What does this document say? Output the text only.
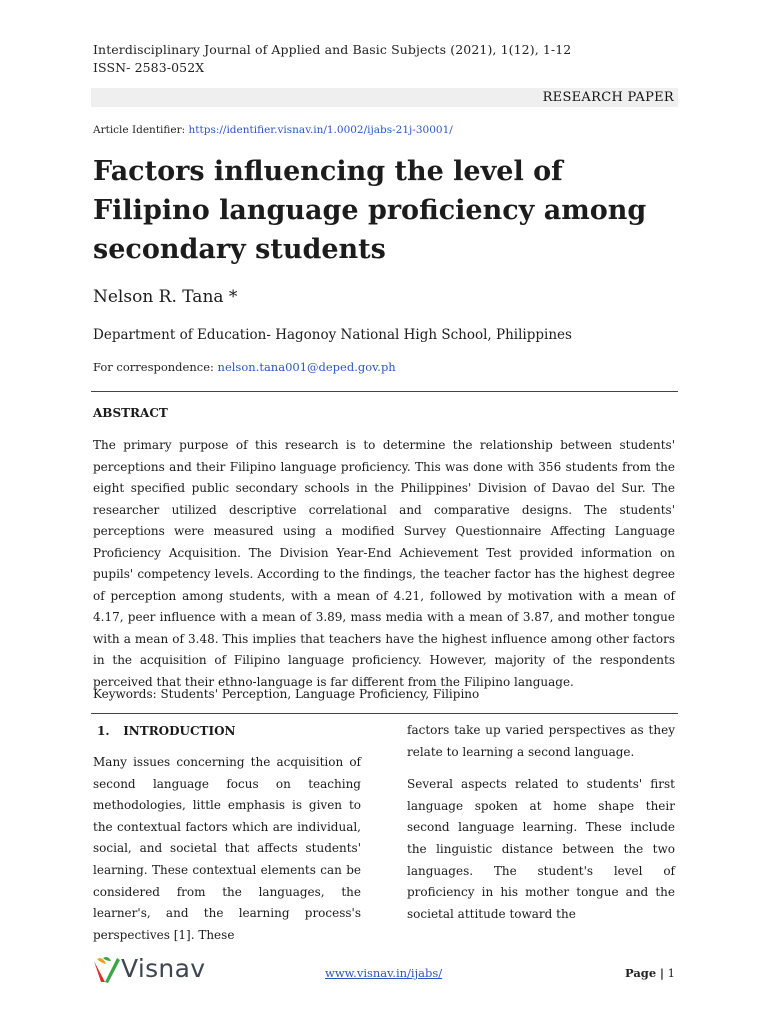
Interdisciplinary Journal of Applied and Basic Subjects (2021), 1(12), 1-12
ISSN- 2583-052X
RESEARCH PAPER
Article Identifier: https://identifier.visnav.in/1.0002/ijabs-21j-30001/
Factors influencing the level of Filipino language proficiency among secondary students
Nelson R. Tana *
Department of Education- Hagonoy National High School, Philippines
For correspondence: nelson.tana001@deped.gov.ph
ABSTRACT

The primary purpose of this research is to determine the relationship between students' perceptions and their Filipino language proficiency. This was done with 356 students from the eight specified public secondary schools in the Philippines' Division of Davao del Sur. The researcher utilized descriptive correlational and comparative designs. The students' perceptions were measured using a modified Survey Questionnaire Affecting Language Proficiency Acquisition. The Division Year-End Achievement Test provided information on pupils' competency levels. According to the findings, the teacher factor has the highest degree of perception among students, with a mean of 4.21, followed by motivation with a mean of 4.17, peer influence with a mean of 3.89, mass media with a mean of 3.87, and mother tongue with a mean of 3.48. This implies that teachers have the highest influence among other factors in the acquisition of Filipino language proficiency. However, majority of the respondents perceived that their ethno-language is far different from the Filipino language.

Keywords: Students' Perception, Language Proficiency, Filipino
1. INTRODUCTION

Many issues concerning the acquisition of second language focus on teaching methodologies, little emphasis is given to the contextual factors which are individual, social, and societal that affects students' learning. These contextual elements can be considered from the languages, the learner's, and the learning process's perspectives [1]. These

factors take up varied perspectives as they relate to learning a second language.

Several aspects related to students' first language spoken at home shape their second language learning. These include the linguistic distance between the two languages. The student's level of proficiency in his mother tongue and the societal attitude toward the

Visnav	www.visnav.in/ijabs/	Page | 1
